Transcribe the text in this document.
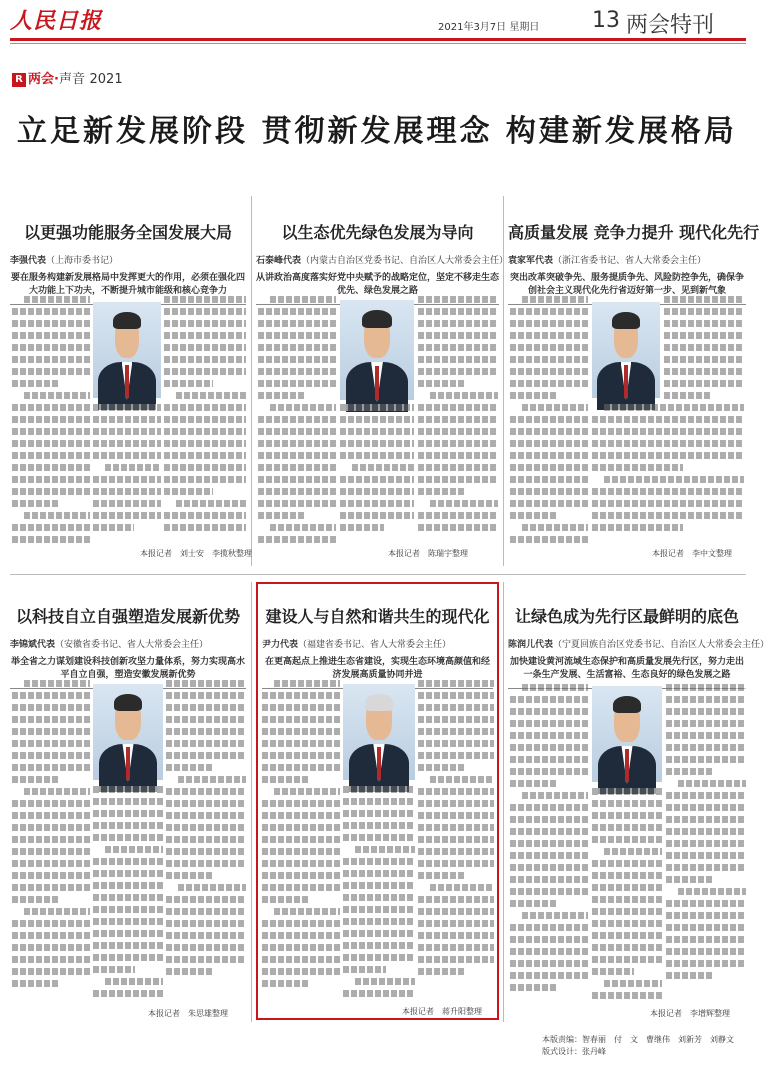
人民日报	2021年3月7日 星期日 13 两会特刊
R 两会·声音 2021
立足新发展阶段 贯彻新发展理念 构建新发展格局
以更强功能服务全国发展大局
李强代表（上海市委书记）
要在服务构建新发展格局中发挥更大的作用，必须在强化四大功能上下功夫，不断提升城市能级和核心竞争力
本报记者　刘士安　李揽秋整理
以生态优先绿色发展为导向
石泰峰代表（内蒙古自治区党委书记、自治区人大常委会主任）
从讲政治高度落实好党中央赋予的战略定位，坚定不移走生态优先、绿色发展之路
本报记者　陈瑞宇整理
高质量发展 竞争力提升 现代化先行
袁家军代表（浙江省委书记、省人大常委会主任）
突出改革突破争先、服务提质争先、风险防控争先，确保争创社会主义现代化先行省迈好第一步、见到新气象
本报记者　李中文整理
以科技自立自强塑造发展新优势
李锦斌代表（安徽省委书记、省人大常委会主任）
举全省之力谋划建设科技创新攻坚力量体系，努力实现高水平自立自强，塑造安徽发展新优势
本报记者　朱思雄整理
建设人与自然和谐共生的现代化
尹力代表（福建省委书记、省人大常委会主任）
在更高起点上推进生态省建设，实现生态环境高颜值和经济发展高质量协同并进
本报记者　蒋升阳整理
让绿色成为先行区最鲜明的底色
陈润儿代表（宁夏回族自治区党委书记、自治区人大常委会主任）
加快建设黄河流域生态保护和高质量发展先行区，努力走出一条生产发展、生活富裕、生态良好的绿色发展之路
本报记者　李增辉整理
本版责编：智春丽　付　文　曹继伟　刘新芳　刘静文
版式设计：张丹峰
